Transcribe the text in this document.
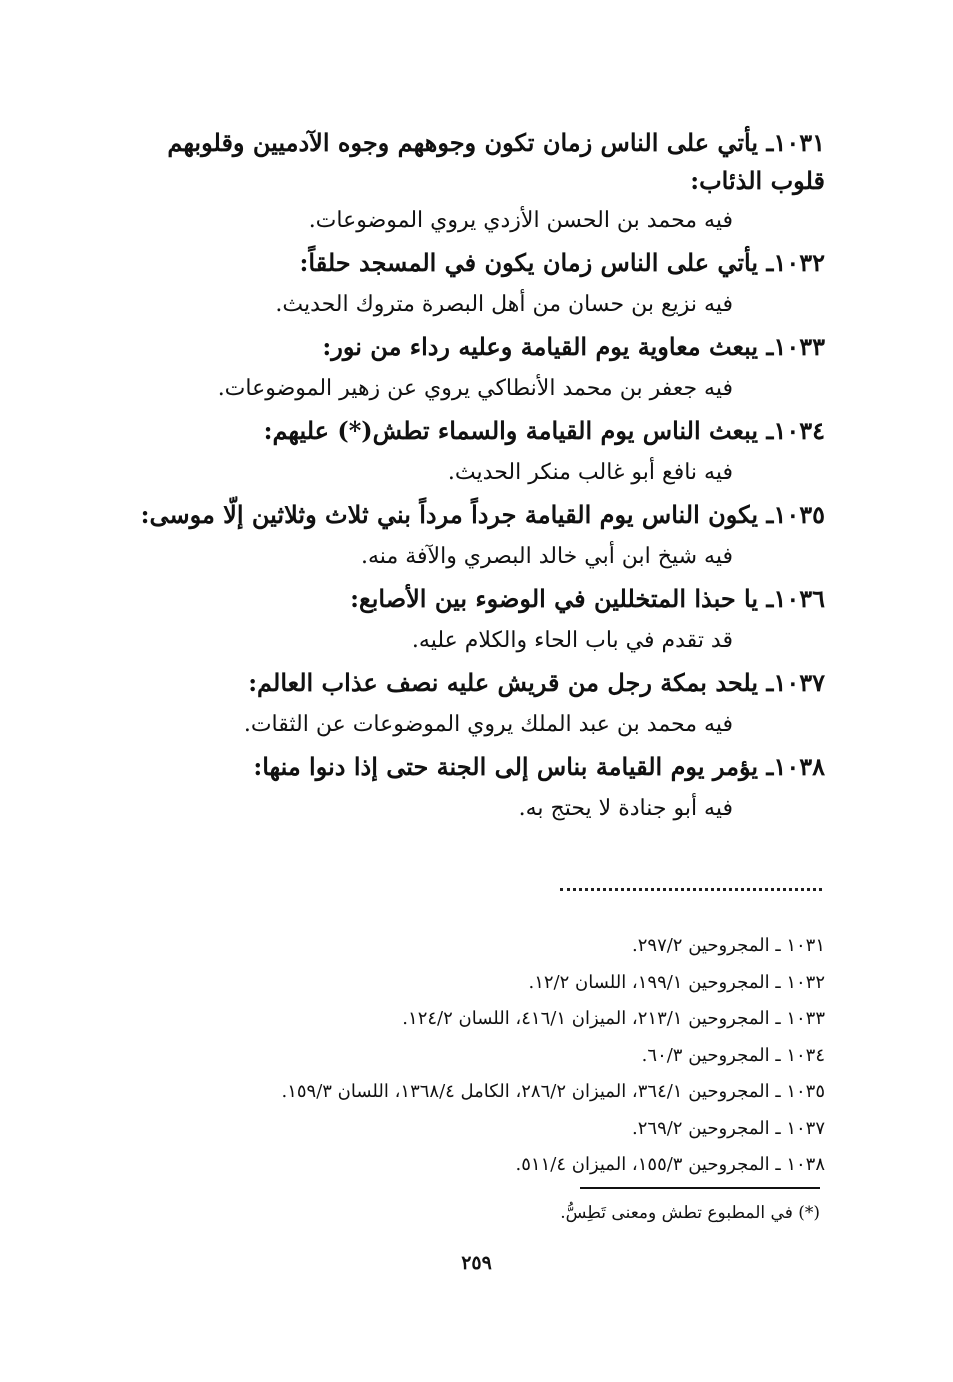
١٠٣١ـ يأتي على الناس زمان تكون وجوههم وجوه الآدميين وقلوبهم قلوب الذئاب:
فيه محمد بن الحسن الأزدي يروي الموضوعات.
١٠٣٢ـ يأتي على الناس زمان يكون في المسجد حلقاً:
فيه نزيع بن حسان من أهل البصرة متروك الحديث.
١٠٣٣ـ يبعث معاوية يوم القيامة وعليه رداء من نور:
فيه جعفر بن محمد الأنطاكي يروي عن زهير الموضوعات.
١٠٣٤ـ يبعث الناس يوم القيامة والسماء تطش(*) عليهم:
فيه نافع أبو غالب منكر الحديث.
١٠٣٥ـ يكون الناس يوم القيامة جرداً مرداً بني ثلاث وثلاثين إلّا موسى:
فيه شيخ ابن أبي خالد البصري والآفة منه.
١٠٣٦ـ يا حبذا المتخللين في الوضوء بين الأصابع:
قد تقدم في باب الحاء والكلام عليه.
١٠٣٧ـ يلحد بمكة رجل من قريش عليه نصف عذاب العالم:
فيه محمد بن عبد الملك يروي الموضوعات عن الثقات.
١٠٣٨ـ يؤمر يوم القيامة بناس إلى الجنة حتى إذا دنوا منها:
فيه أبو جنادة لا يحتج به.
١٠٣١ ـ المجروحين ٢٩٧/٢.
١٠٣٢ ـ المجروحين ١٩٩/١، اللسان ١٢/٢.
١٠٣٣ ـ المجروحين ٢١٣/١، الميزان ٤١٦/١، اللسان ١٢٤/٢.
١٠٣٤ ـ المجروحين ٦٠/٣.
١٠٣٥ ـ المجروحين ٣٦٤/١، الميزان ٢٨٦/٢، الكامل ١٣٦٨/٤، اللسان ١٥٩/٣.
١٠٣٧ ـ المجروحين ٢٦٩/٢.
١٠٣٨ ـ المجروحين ١٥٥/٣، الميزان ٥١١/٤.
(*) في المطبوع تطش ومعنى تَطِسُّ.
٢٥٩
